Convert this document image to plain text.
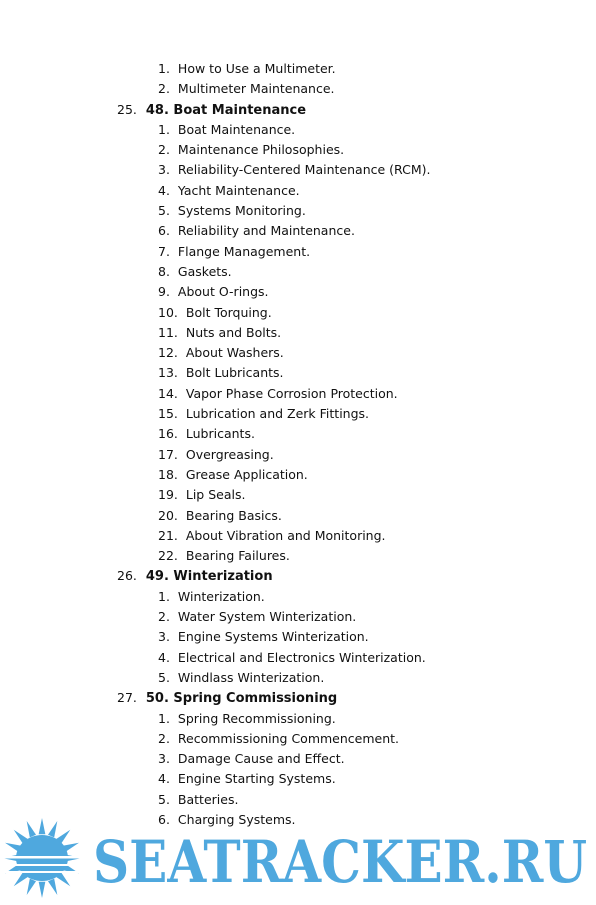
1. How to Use a Multimeter.
2. Multimeter Maintenance.
25. 48. Boat Maintenance
1. Boat Maintenance.
2. Maintenance Philosophies.
3. Reliability-Centered Maintenance (RCM).
4. Yacht Maintenance.
5. Systems Monitoring.
6. Reliability and Maintenance.
7. Flange Management.
8. Gaskets.
9. About O-rings.
10. Bolt Torquing.
11. Nuts and Bolts.
12. About Washers.
13. Bolt Lubricants.
14. Vapor Phase Corrosion Protection.
15. Lubrication and Zerk Fittings.
16. Lubricants.
17. Overgreasing.
18. Grease Application.
19. Lip Seals.
20. Bearing Basics.
21. About Vibration and Monitoring.
22. Bearing Failures.
26. 49. Winterization
1. Winterization.
2. Water System Winterization.
3. Engine Systems Winterization.
4. Electrical and Electronics Winterization.
5. Windlass Winterization.
27. 50. Spring Commissioning
1. Spring Recommissioning.
2. Recommissioning Commencement.
3. Damage Cause and Effect.
4. Engine Starting Systems.
5. Batteries.
6. Charging Systems.
SEATRACKER.RU
